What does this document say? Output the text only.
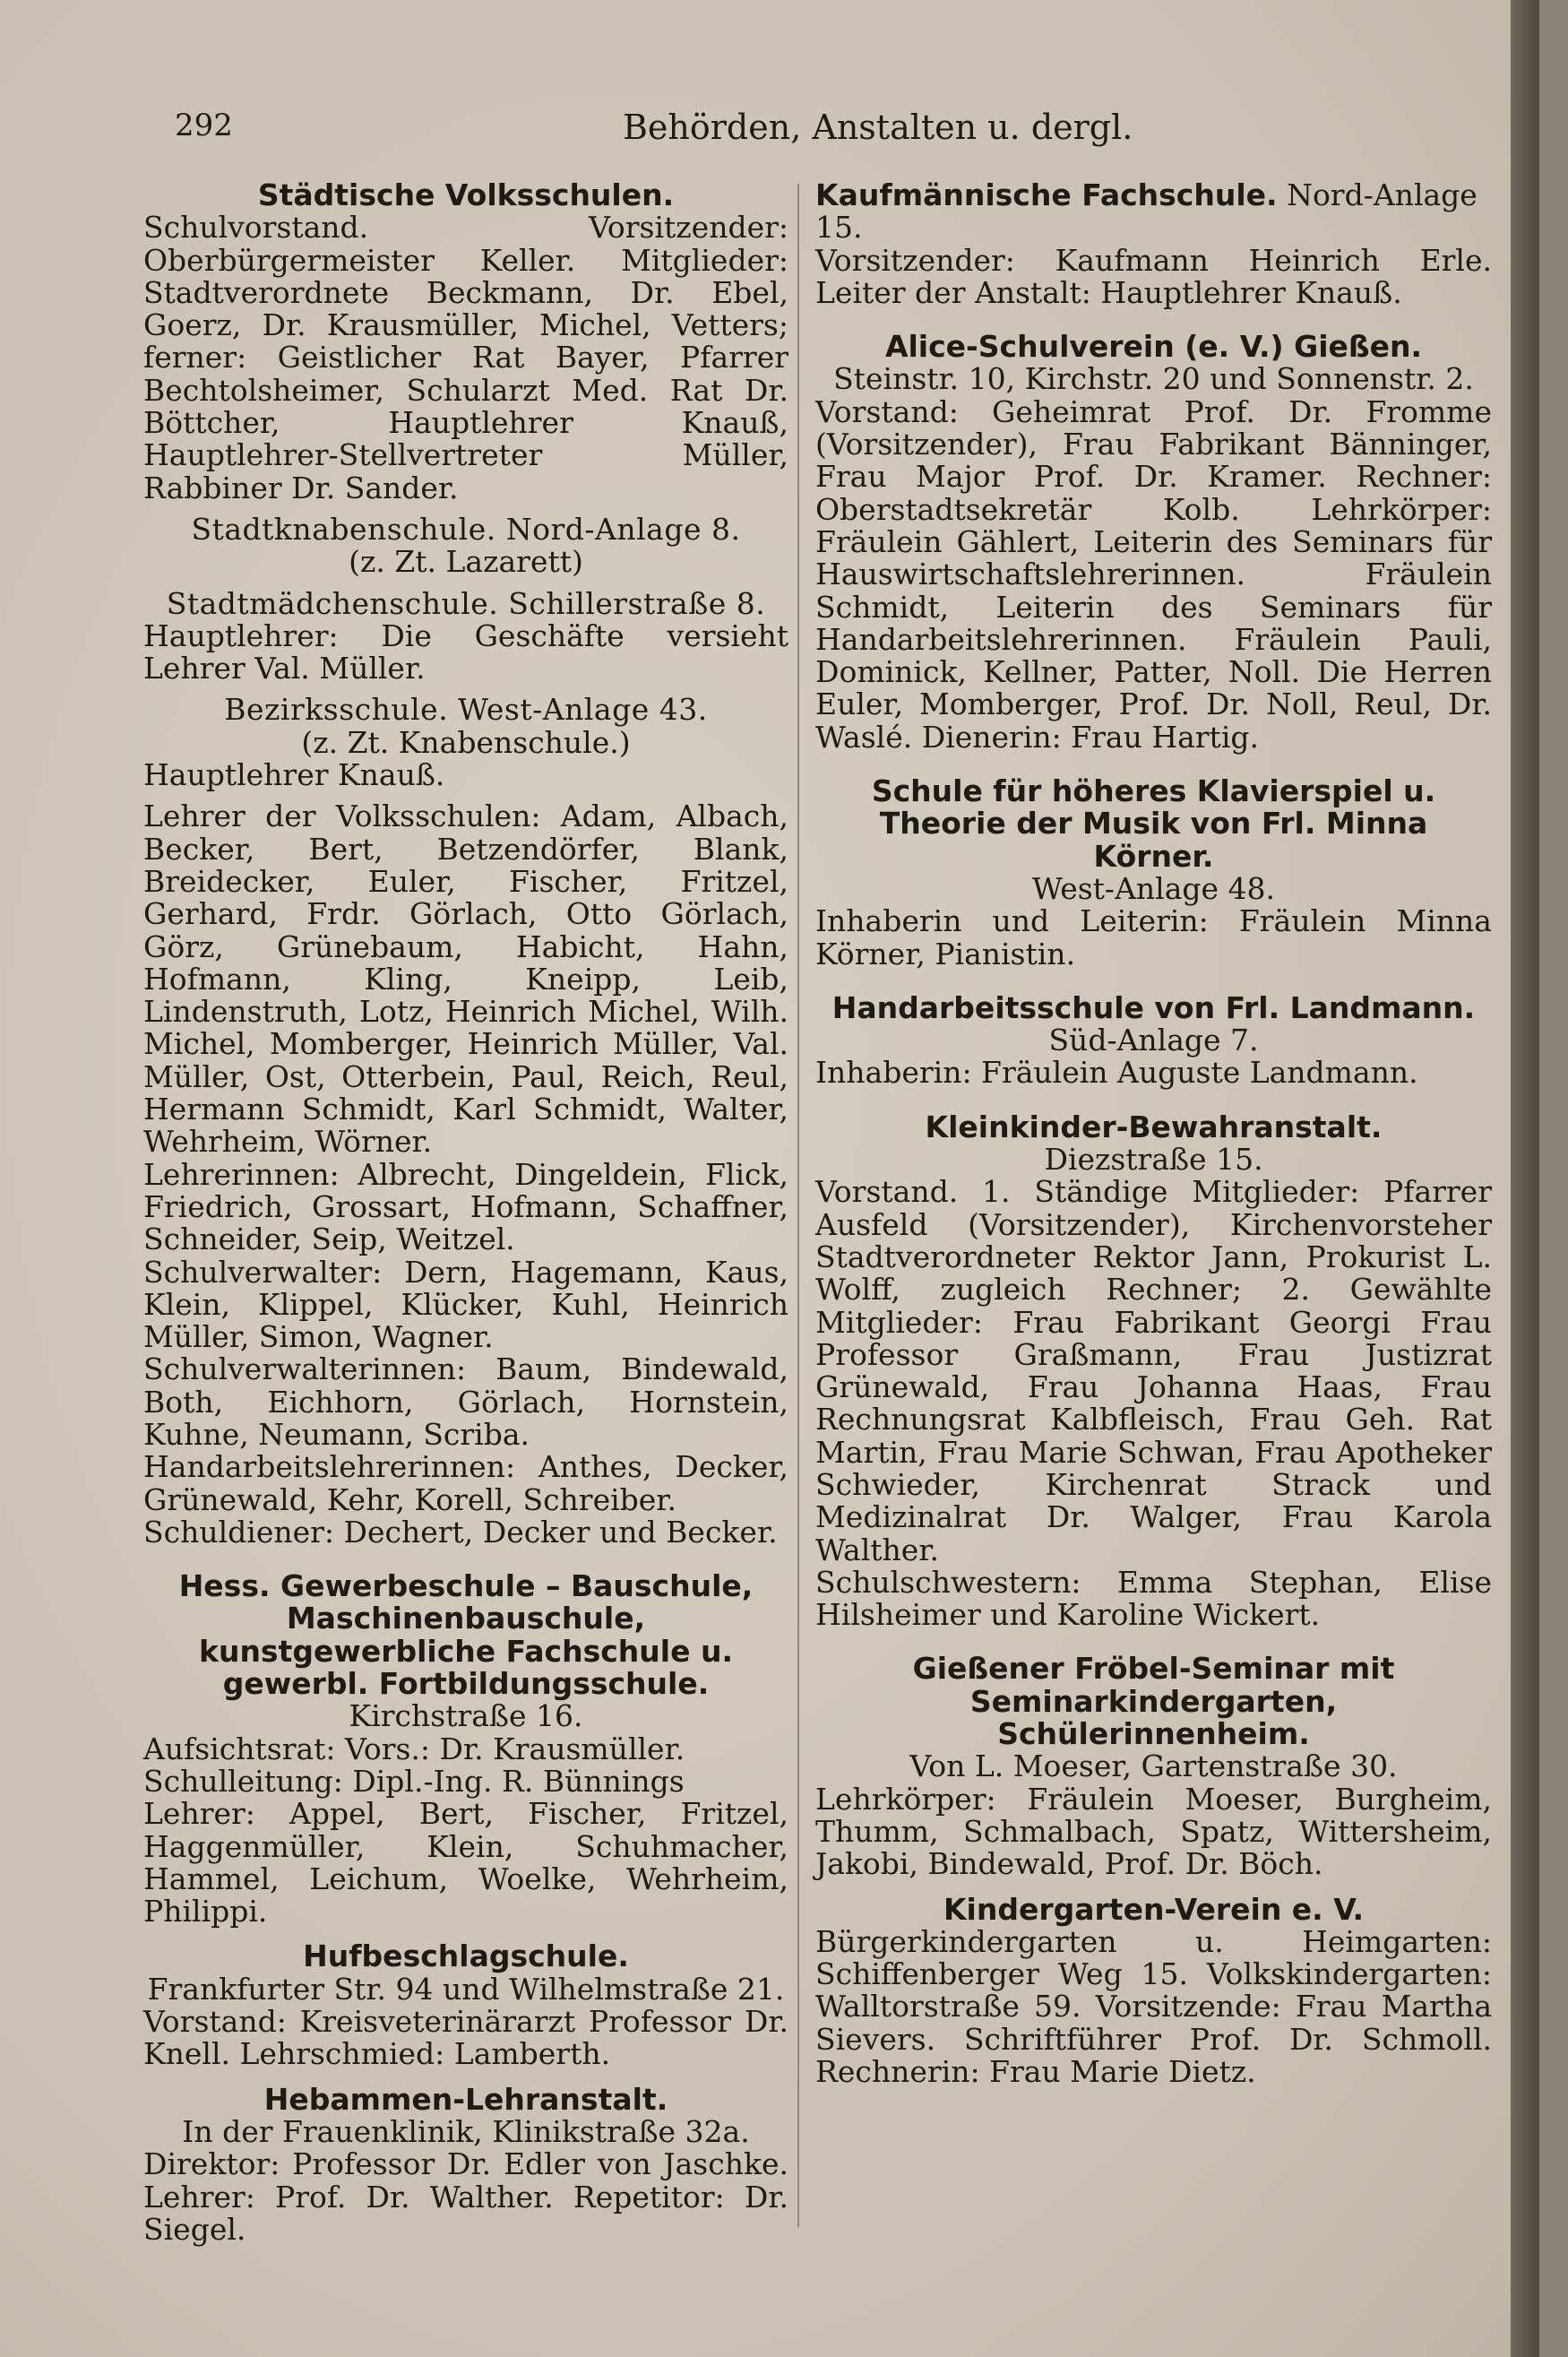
292	Behörden, Anstalten u. dergl.
Städtische Volksschulen.
Schulvorstand. Vorsitzender: Oberbürgermeister Keller. Mitglieder: Stadtverordnete Beckmann, Dr. Ebel, Goerz, Dr. Krausmüller, Michel, Vetters; ferner: Geistlicher Rat Bayer, Pfarrer Bechtolsheimer, Schularzt Med. Rat Dr. Böttcher, Hauptlehrer Knauß, Hauptlehrer-Stellvertreter Müller, Rabbiner Dr. Sander.
Stadtknabenschule. Nord-Anlage 8.
(z. Zt. Lazarett)
Stadtmädchenschule. Schillerstraße 8.
Hauptlehrer: Die Geschäfte versieht Lehrer Val. Müller.
Bezirksschule. West-Anlage 43.
(z. Zt. Knabenschule.)
Hauptlehrer Knauß.
Lehrer der Volksschulen: Adam, Albach, Becker, Bert, Betzendörfer, Blank, Breidecker, Euler, Fischer, Fritzel, Gerhard, Frdr. Görlach, Otto Görlach, Görz, Grünebaum, Habicht, Hahn, Hofmann, Kling, Kneipp, Leib, Lindenstruth, Lotz, Heinrich Michel, Wilh. Michel, Momberger, Heinrich Müller, Val. Müller, Ost, Otterbein, Paul, Reich, Reul, Hermann Schmidt, Karl Schmidt, Walter, Wehrheim, Wörner.
Lehrerinnen: Albrecht, Dingeldein, Flick, Friedrich, Grossart, Hofmann, Schaffner, Schneider, Seip, Weitzel.
Schulverwalter: Dern, Hagemann, Kaus, Klein, Klippel, Klücker, Kuhl, Heinrich Müller, Simon, Wagner.
Schulverwalterinnen: Baum, Bindewald, Both, Eichhorn, Görlach, Hornstein, Kuhne, Neumann, Scriba.
Handarbeitslehrerinnen: Anthes, Decker, Grünewald, Kehr, Korell, Schreiber.
Schuldiener: Dechert, Decker und Becker.
Hess. Gewerbeschule – Bauschule, Maschinenbauschule, kunstgewerbliche Fachschule u. gewerbl. Fortbildungsschule.
Kirchstraße 16.
Aufsichtsrat: Vors.: Dr. Krausmüller.
Schulleitung: Dipl.-Ing. R. Bünnings
Lehrer: Appel, Bert, Fischer, Fritzel, Haggenmüller, Klein, Schuhmacher, Hammel, Leichum, Woelke, Wehrheim, Philippi.
Hufbeschlagschule.
Frankfurter Str. 94 und Wilhelmstraße 21.
Vorstand: Kreisveterinärarzt Professor Dr. Knell. Lehrschmied: Lamberth.
Hebammen-Lehranstalt.
In der Frauenklinik, Klinikstraße 32a.
Direktor: Professor Dr. Edler von Jaschke. Lehrer: Prof. Dr. Walther. Repetitor: Dr. Siegel.
Kaufmännische Fachschule. Nord-Anlage 15.
Vorsitzender: Kaufmann Heinrich Erle. Leiter der Anstalt: Hauptlehrer Knauß.
Alice-Schulverein (e. V.) Gießen.
Steinstr. 10, Kirchstr. 20 und Sonnenstr. 2.
Vorstand: Geheimrat Prof. Dr. Fromme (Vorsitzender), Frau Fabrikant Bänninger, Frau Major Prof. Dr. Kramer. Rechner: Oberstadtsekretär Kolb. Lehrkörper: Fräulein Gählert, Leiterin des Seminars für Hauswirtschaftslehrerinnen. Fräulein Schmidt, Leiterin des Seminars für Handarbeitslehrerinnen. Fräulein Pauli, Dominick, Kellner, Patter, Noll. Die Herren Euler, Momberger, Prof. Dr. Noll, Reul, Dr. Waslé. Dienerin: Frau Hartig.
Schule für höheres Klavierspiel u. Theorie der Musik von Frl. Minna Körner.
West-Anlage 48.
Inhaberin und Leiterin: Fräulein Minna Körner, Pianistin.
Handarbeitsschule von Frl. Landmann.
Süd-Anlage 7.
Inhaberin: Fräulein Auguste Landmann.
Kleinkinder-Bewahranstalt.
Diezstraße 15.
Vorstand. 1. Ständige Mitglieder: Pfarrer Ausfeld (Vorsitzender), Kirchenvorsteher Stadtverordneter Rektor Jann, Prokurist L. Wolff, zugleich Rechner; 2. Gewählte Mitglieder: Frau Fabrikant Georgi Frau Professor Graßmann, Frau Justizrat Grünewald, Frau Johanna Haas, Frau Rechnungsrat Kalbfleisch, Frau Geh. Rat Martin, Frau Marie Schwan, Frau Apotheker Schwieder, Kirchenrat Strack und Medizinalrat Dr. Walger, Frau Karola Walther.
Schulschwestern: Emma Stephan, Elise Hilsheimer und Karoline Wickert.
Gießener Fröbel-Seminar mit Seminarkindergarten, Schülerinnenheim.
Von L. Moeser, Gartenstraße 30.
Lehrkörper: Fräulein Moeser, Burgheim, Thumm, Schmalbach, Spatz, Wittersheim, Jakobi, Bindewald, Prof. Dr. Böch.
Kindergarten-Verein e. V.
Bürgerkindergarten u. Heimgarten: Schiffenberger Weg 15. Volkskindergarten: Walltorstraße 59. Vorsitzende: Frau Martha Sievers. Schriftführer Prof. Dr. Schmoll. Rechnerin: Frau Marie Dietz.
